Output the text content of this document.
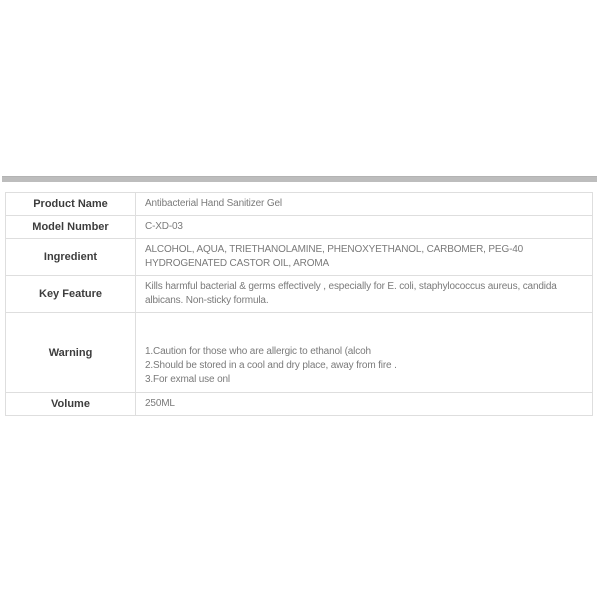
Product Name	Antibacterial Hand Sanitizer Gel

Model Number	C-XD-03

Ingredient	ALCOHOL, AQUA, TRIETHANOLAMINE, PHENOXYETHANOL, CARBOMER, PEG-40
HYDROGENATED CASTOR OIL, AROMA

Key Feature	Kills harmful bacterial & germs effectively , especially for E. coli, staphylococcus aureus, candida
albicans. Non-sticky formula.

Warning	1.Caution for those who are allergic to ethanol (alcoh
2.Should be stored in a cool and dry place, away from fire .
3.For exmal use onl

Volume	250ML
